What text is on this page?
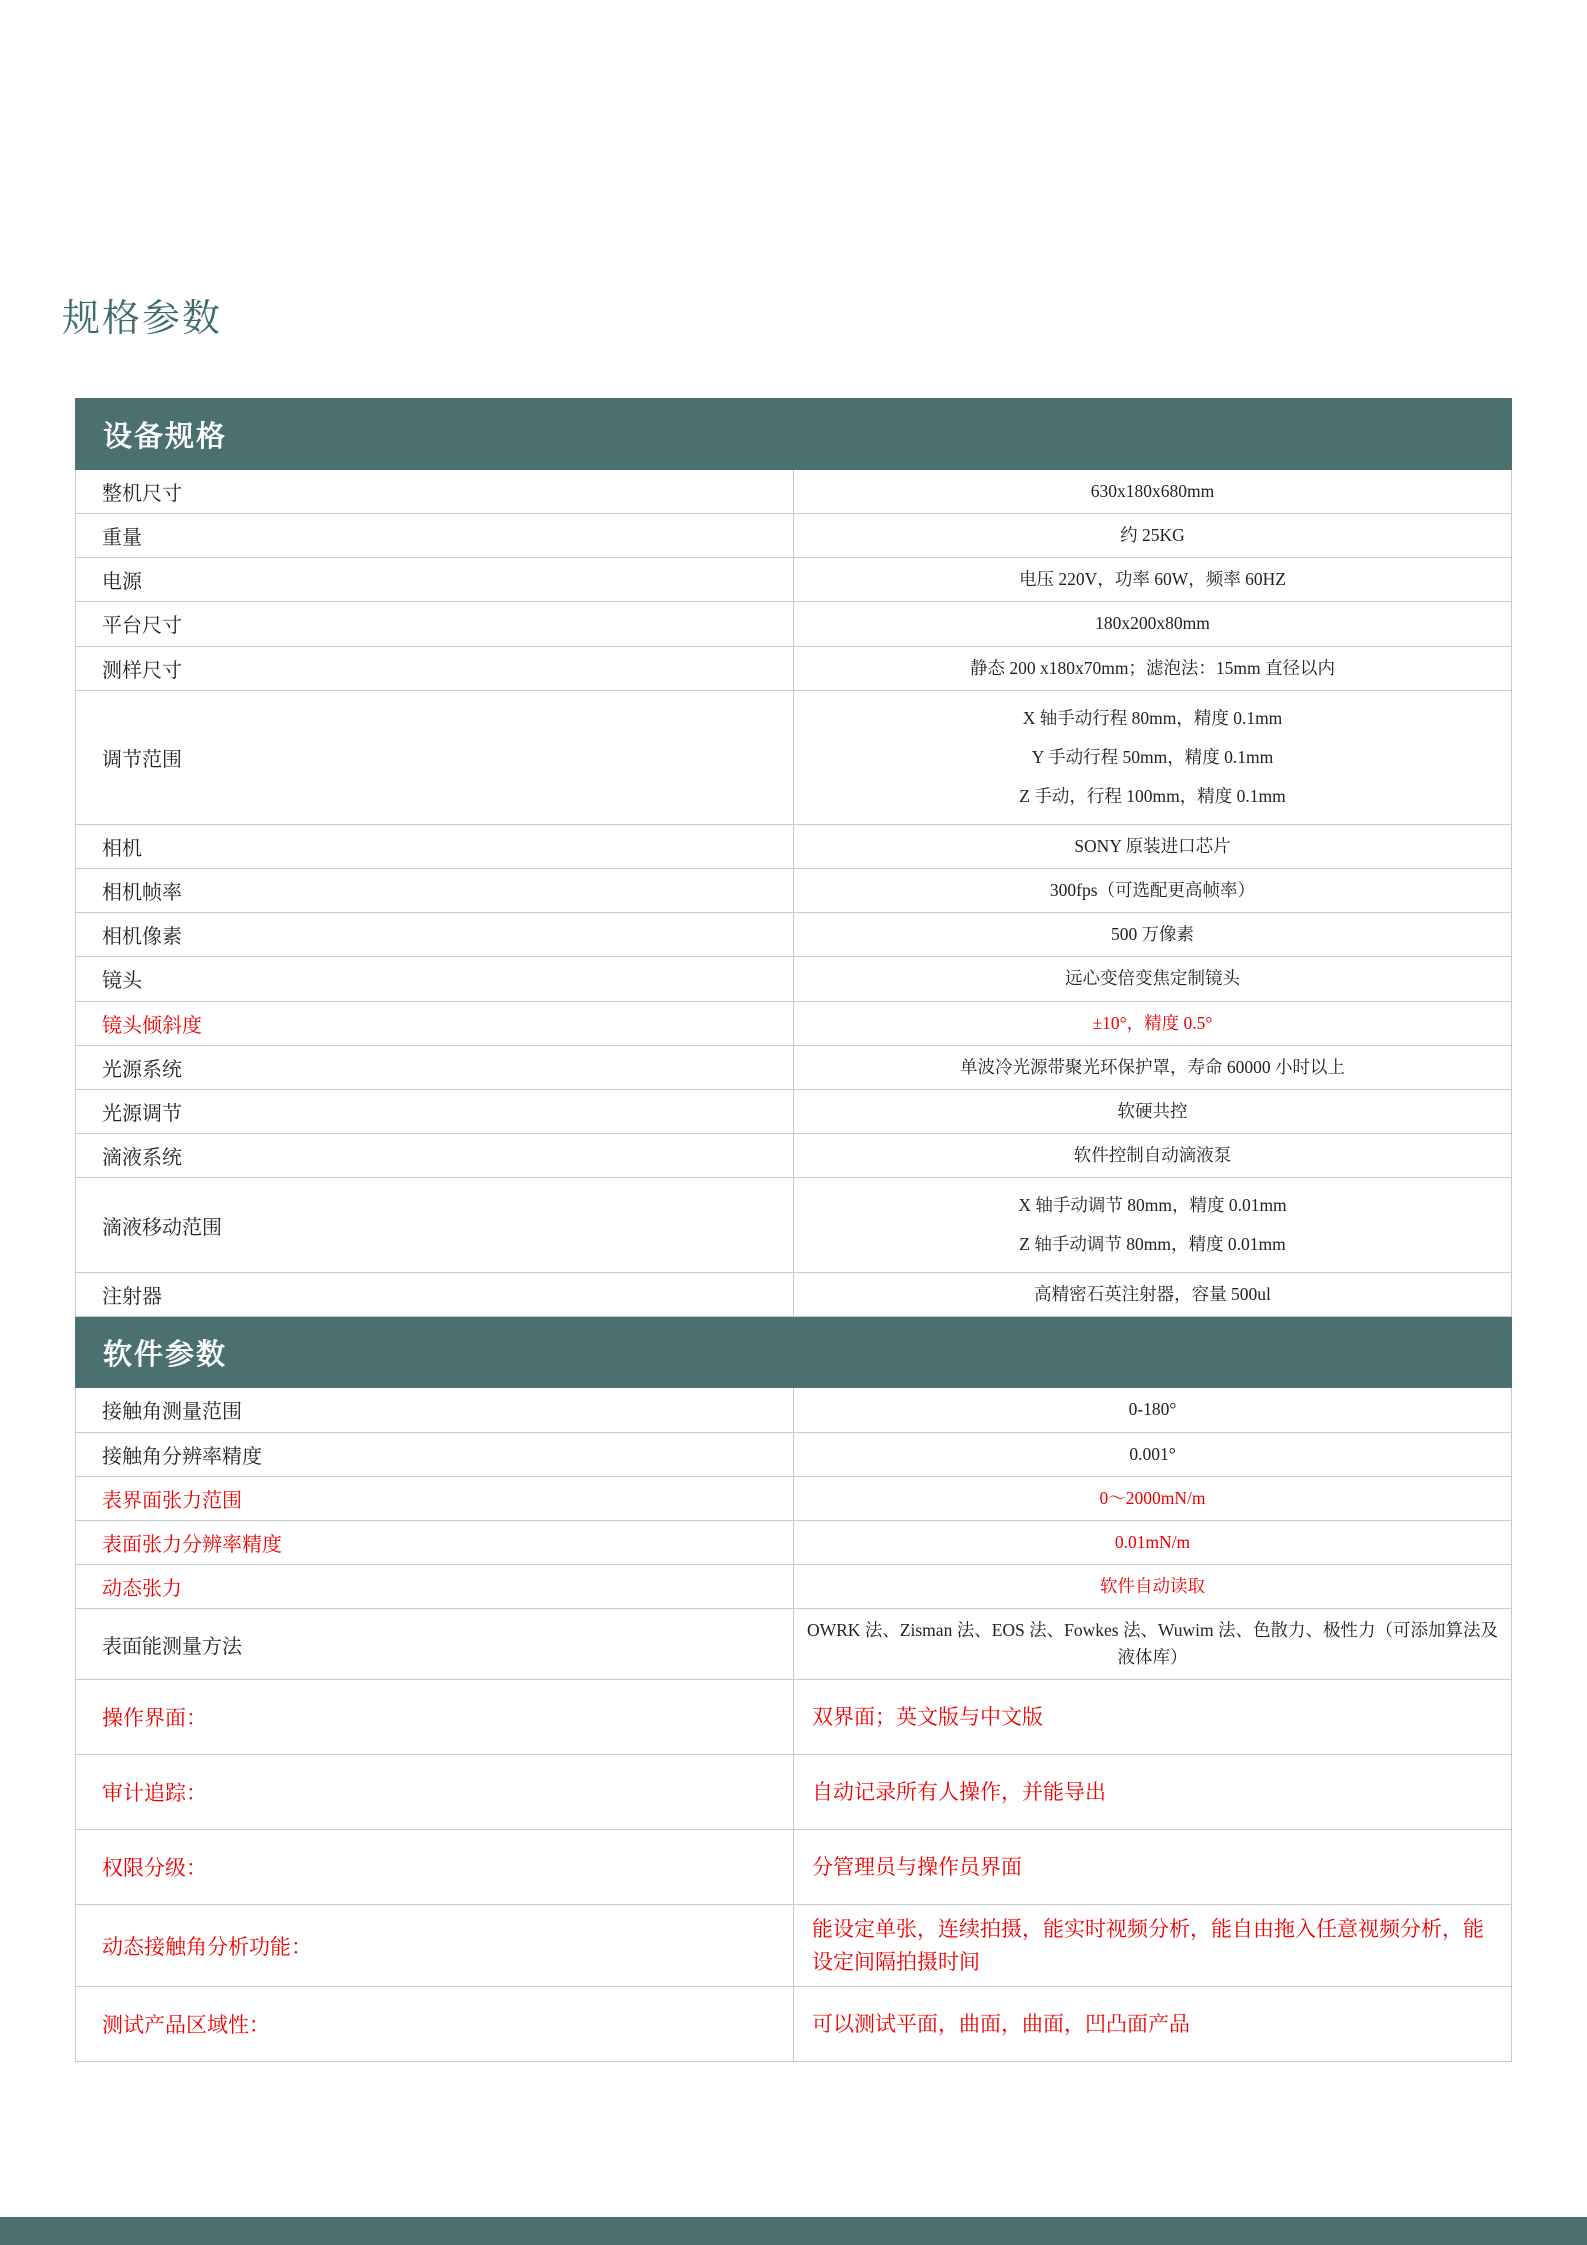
规格参数
设备规格	
整机尺寸	630x180x680mm
重量	约 25KG
电源	电压 220V，功率 60W，频率 60HZ
平台尺寸	180x200x80mm
测样尺寸	静态 200 x180x70mm；滤泡法：15mm 直径以内
调节范围	X 轴手动行程 80mm，精度 0.1mm
Y 手动行程 50mm，精度 0.1mm
Z 手动，行程 100mm，精度 0.1mm

相机	SONY 原装进口芯片
相机帧率	300fps（可选配更高帧率）
相机像素	500 万像素
镜头	远心变倍变焦定制镜头
镜头倾斜度	±10°，精度 0.5°
光源系统	单波冷光源带聚光环保护罩，寿命 60000 小时以上
光源调节	软硬共控
滴液系统	软件控制自动滴液泵
滴液移动范围	X 轴手动调节 80mm，精度 0.01mm
Z 轴手动调节 80mm，精度 0.01mm

注射器	高精密石英注射器，容量 500ul
软件参数	
接触角测量范围	0-180°
接触角分辨率精度	0.001°
表界面张力范围	0～2000mN/m
表面张力分辨率精度	0.01mN/m
动态张力	软件自动读取
表面能测量方法	OWRK 法、Zisman 法、EOS 法、Fowkes 法、Wuwim 法、色散力、极性力（可添加算法及液体库）
操作界面：	双界面；英文版与中文版
审计追踪：	自动记录所有人操作，并能导出
权限分级：	分管理员与操作员界面
动态接触角分析功能：	能设定单张，连续拍摄，能实时视频分析，能自由拖入任意视频分析，能设定间隔拍摄时间
测试产品区域性：	可以测试平面，曲面，曲面，凹凸面产品
